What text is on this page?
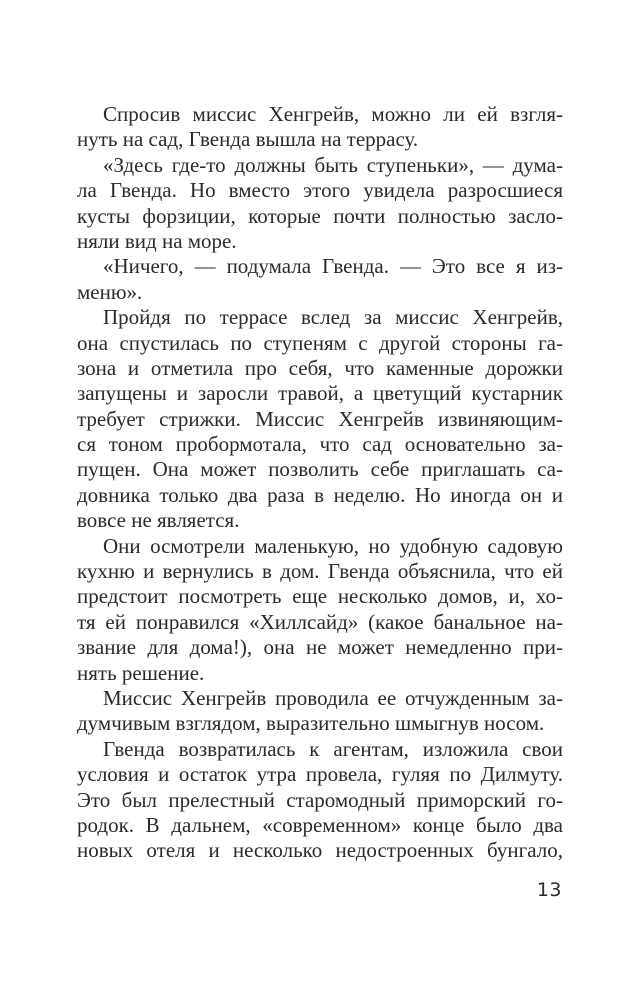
Спросив миссис Хенгрейв, можно ли ей взгля-
нуть на сад, Гвенда вышла на террасу.
«Здесь где-то должны быть ступеньки», — дума-
ла Гвенда. Но вместо этого увидела разросшиеся
кусты форзиции, которые почти полностью засло-
няли вид на море.
«Ничего, — подумала Гвенда. — Это все я из-
меню».
Пройдя по террасе вслед за миссис Хенгрейв,
она спустилась по ступеням с другой стороны га-
зона и отметила про себя, что каменные дорожки
запущены и заросли травой, а цветущий кустарник
требует стрижки. Миссис Хенгрейв извиняющим-
ся тоном пробормотала, что сад основательно за-
пущен. Она может позволить себе приглашать са-
довника только два раза в неделю. Но иногда он и
вовсе не является.
Они осмотрели маленькую, но удобную садовую
кухню и вернулись в дом. Гвенда объяснила, что ей
предстоит посмотреть еще несколько домов, и, хо-
тя ей понравился «Хиллсайд» (какое банальное на-
звание для дома!), она не может немедленно при-
нять решение.
Миссис Хенгрейв проводила ее отчужденным за-
думчивым взглядом, выразительно шмыгнув носом.
Гвенда возвратилась к агентам, изложила свои
условия и остаток утра провела, гуляя по Дилмуту.
Это был прелестный старомодный приморский го-
родок. В дальнем, «современном» конце было два
новых отеля и несколько недостроенных бунгало,
13
